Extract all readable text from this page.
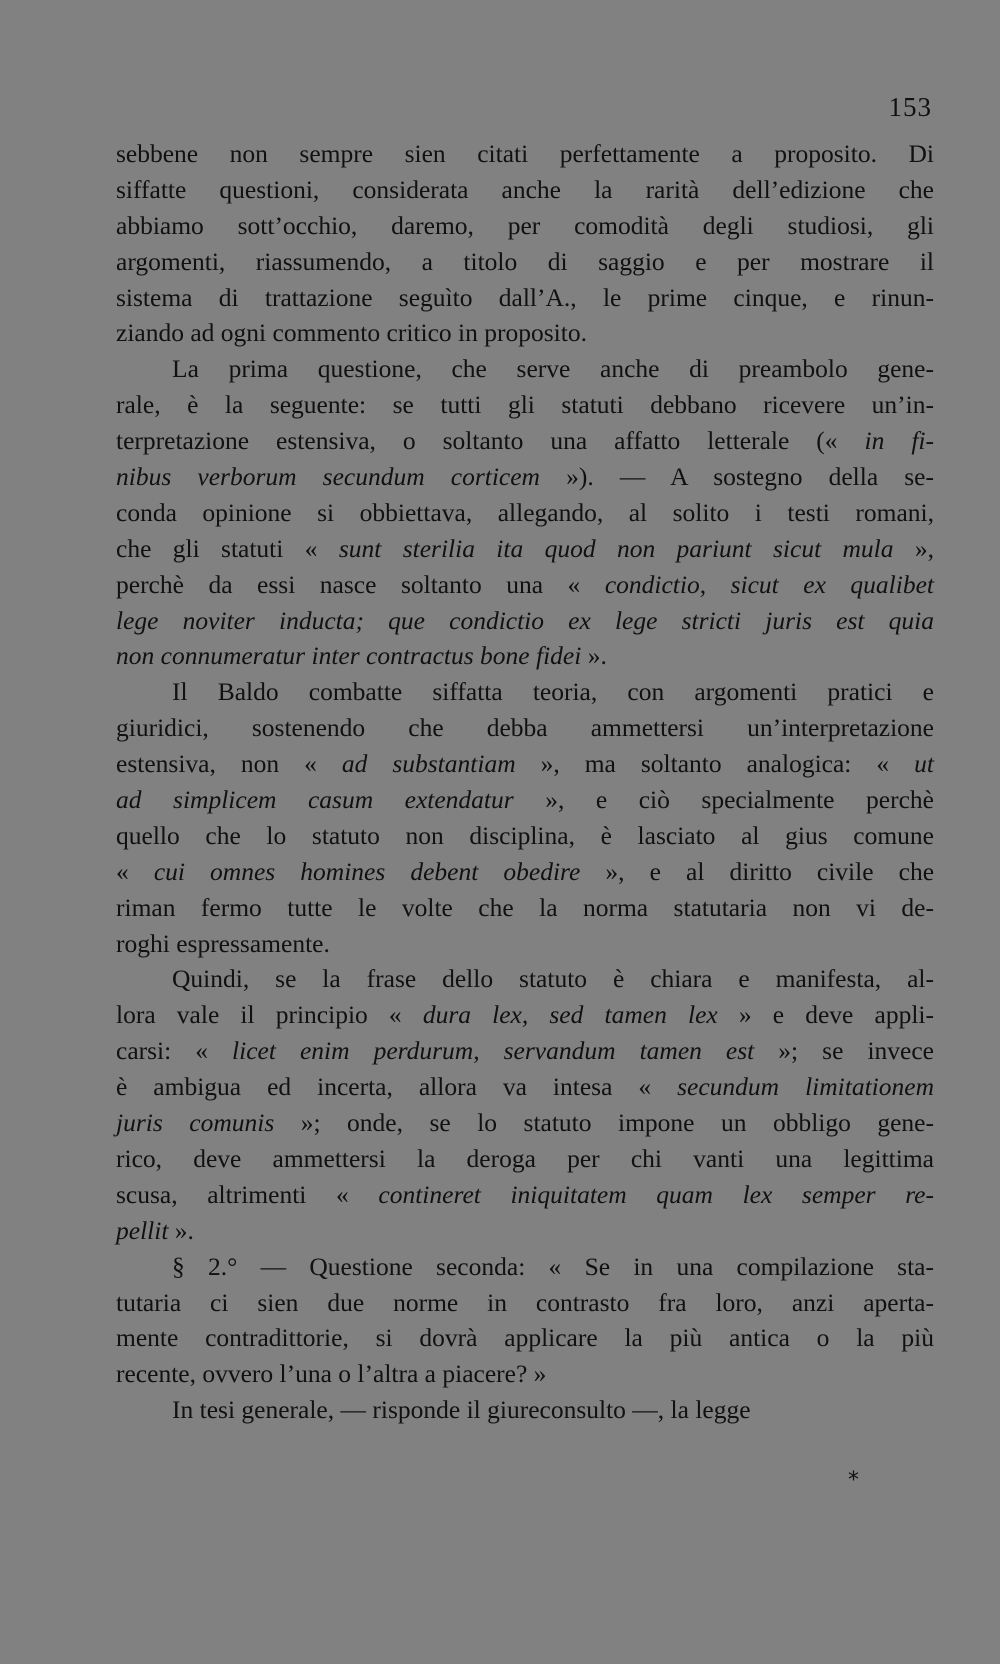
153
sebbene non sempre sien citati perfettamente a proposito. Di
siffatte questioni, considerata anche la rarità dell’edizione che
abbiamo sott’occhio, daremo, per comodità degli studiosi, gli
argomenti, riassumendo, a titolo di saggio e per mostrare il
sistema di trattazione seguìto dall’A., le prime cinque, e rinun-
ziando ad ogni commento critico in proposito.
La prima questione, che serve anche di preambolo gene-
rale, è la seguente: se tutti gli statuti debbano ricevere un’in-
terpretazione estensiva, o soltanto una affatto letterale (« in fi-
nibus verborum secundum corticem »). — A sostegno della se-
conda opinione si obbiettava, allegando, al solito i testi romani,
che gli statuti « sunt sterilia ita quod non pariunt sicut mula »,
perchè da essi nasce soltanto una « condictio, sicut ex qualibet
lege noviter inducta; que condictio ex lege stricti juris est quia
non connumeratur inter contractus bone fidei ».
Il Baldo combatte siffatta teoria, con argomenti pratici e
giuridici, sostenendo che debba ammettersi un’interpretazione
estensiva, non « ad substantiam », ma soltanto analogica: « ut
ad simplicem casum extendatur », e ciò specialmente perchè
quello che lo statuto non disciplina, è lasciato al gius comune
« cui omnes homines debent obedire », e al diritto civile che
riman fermo tutte le volte che la norma statutaria non vi de-
roghi espressamente.
Quindi, se la frase dello statuto è chiara e manifesta, al-
lora vale il principio « dura lex, sed tamen lex » e deve appli-
carsi: « licet enim perdurum, servandum tamen est »; se invece
è ambigua ed incerta, allora va intesa « secundum limitationem
juris comunis »; onde, se lo statuto impone un obbligo gene-
rico, deve ammettersi la deroga per chi vanti una legittima
scusa, altrimenti « contineret iniquitatem quam lex semper re-
pellit ».
§ 2.° — Questione seconda: « Se in una compilazione sta-
tutaria ci sien due norme in contrasto fra loro, anzi aperta-
mente contradittorie, si dovrà applicare la più antica o la più
recente, ovvero l’una o l’altra a piacere? »
In tesi generale, — risponde il giureconsulto —, la legge
*
